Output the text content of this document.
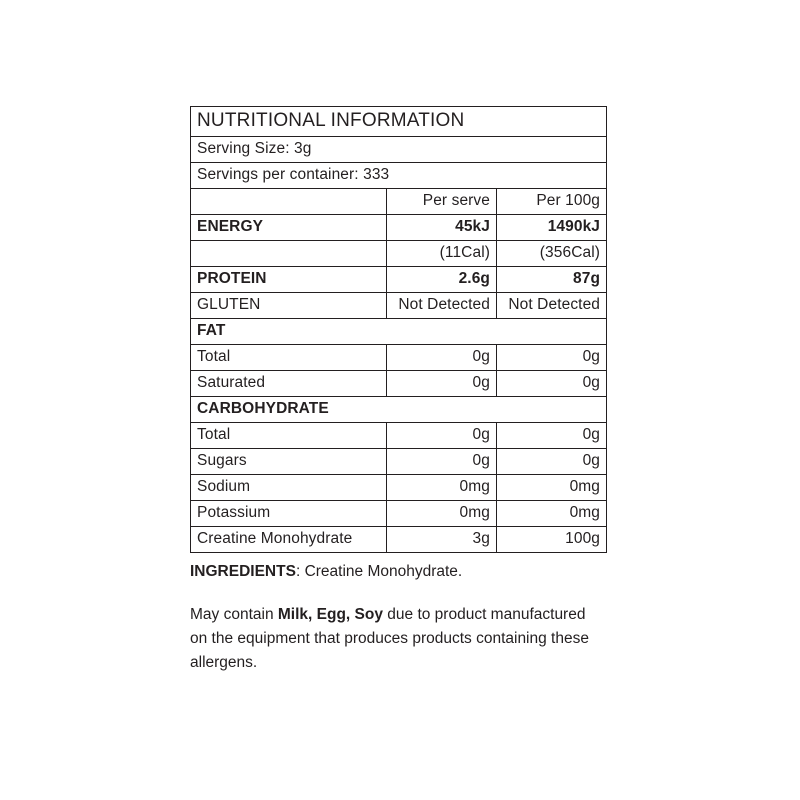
NUTRITIONAL INFORMATION		
Serving Size: 3g		
Servings per container: 333		
	Per serve	Per 100g
ENERGY	45kJ	1490kJ
	(11Cal)	(356Cal)
PROTEIN	2.6g	87g
GLUTEN	Not Detected	Not Detected
FAT		
Total	0g	0g
Saturated	0g	0g
CARBOHYDRATE		
Total	0g	0g
Sugars	0g	0g
Sodium	0mg	0mg
Potassium	0mg	0mg
Creatine Monohydrate	3g	100g
INGREDIENTS: Creatine Monohydrate.
May contain Milk, Egg, Soy due to product manufactured on the equipment that produces products containing these allergens.
